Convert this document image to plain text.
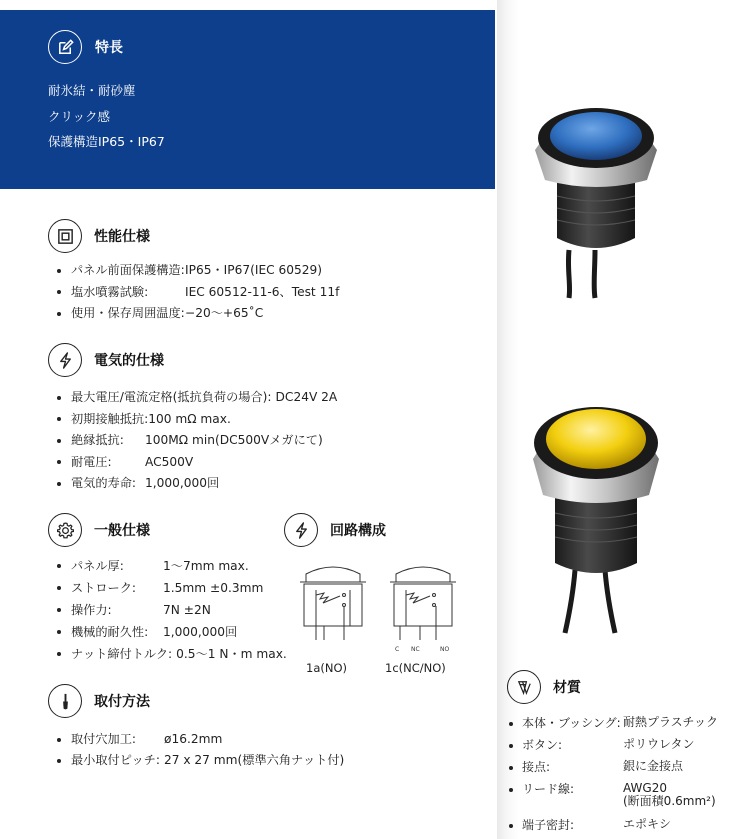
特長
耐氷結・耐砂塵
クリック感
保護構造IP65・IP67
性能仕様
パネル前面保護構造: IP65・IP67(IEC 60529)
塩水噴霧試験:	IEC 60512-11-6、Test 11f
使用・保存周囲温度: −20〜+65˚C
電気的仕様
最大電圧/電流定格(抵抗負荷の場合): DC24V 2A
初期接触抵抗: 100 mΩ max.
絶縁抵抗:	100MΩ min(DC500Vメガにて)
耐電圧:	AC500V
電気的寿命: 1,000,000回
一般仕様
パネル厚:	1〜7mm max.
ストローク:	1.5mm ±0.3mm
操作力:	7N ±2N
機械的耐久性:	1,000,000回
ナット締付トルク: 0.5〜1 N・m max.
回路構成
C NC	NO
1a(NO)	1c(NC/NO)
取付方法
取付穴加工:	ø16.2mm
最小取付ピッチ: 27 x 27 mm(標準六角ナット付)
材質
本体・ブッシング: 耐熱プラスチック
ボタン:	ポリウレタン
接点:	銀に金接点
リード線:	AWG20
(断面積0.6mm²)
端子密封:	エポキシ
